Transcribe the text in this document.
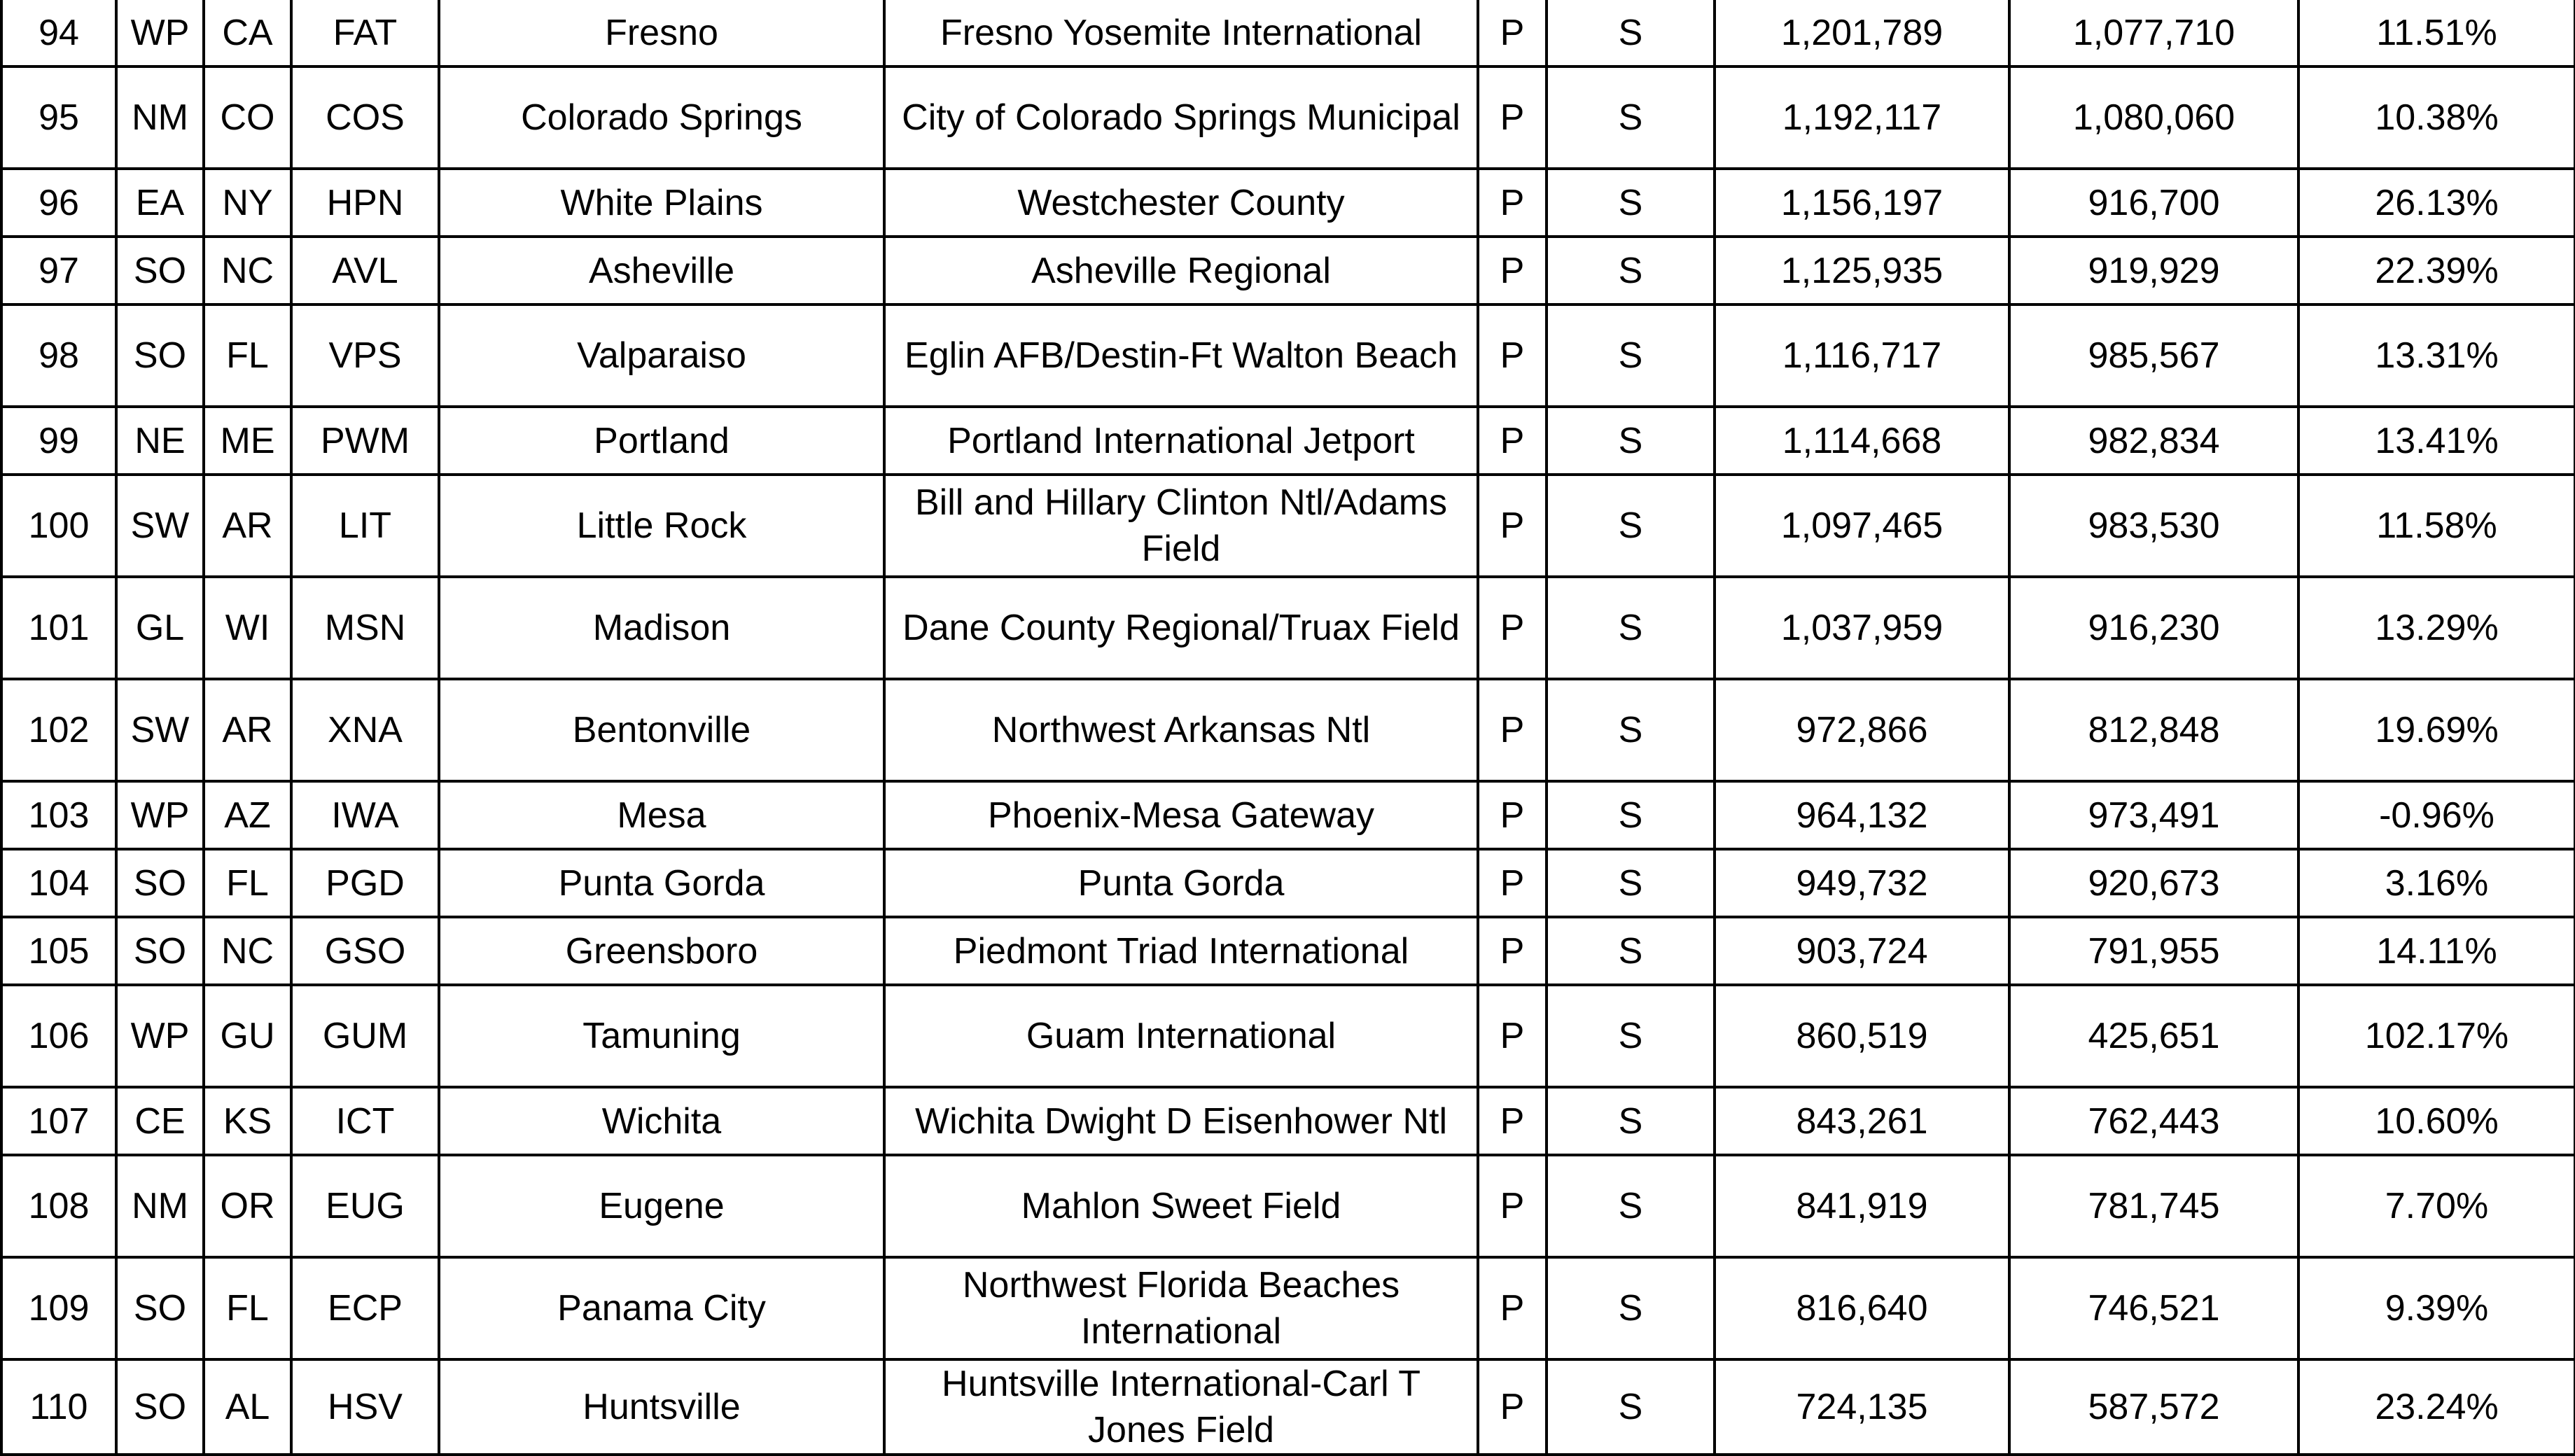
94	WP	CA	FAT	Fresno	Fresno Yosemite International	P	S	1,201,789	1,077,710	11.51%
95	NM	CO	COS	Colorado Springs	City of Colorado Springs Municipal	P	S	1,192,117	1,080,060	10.38%
96	EA	NY	HPN	White Plains	Westchester County	P	S	1,156,197	916,700	26.13%
97	SO	NC	AVL	Asheville	Asheville Regional	P	S	1,125,935	919,929	22.39%
98	SO	FL	VPS	Valparaiso	Eglin AFB/Destin-Ft Walton Beach	P	S	1,116,717	985,567	13.31%
99	NE	ME	PWM	Portland	Portland International Jetport	P	S	1,114,668	982,834	13.41%
100	SW	AR	LIT	Little Rock	Bill and Hillary Clinton Ntl/Adams Field	P	S	1,097,465	983,530	11.58%
101	GL	WI	MSN	Madison	Dane County Regional/Truax Field	P	S	1,037,959	916,230	13.29%
102	SW	AR	XNA	Bentonville	Northwest Arkansas Ntl	P	S	972,866	812,848	19.69%
103	WP	AZ	IWA	Mesa	Phoenix-Mesa Gateway	P	S	964,132	973,491	-0.96%
104	SO	FL	PGD	Punta Gorda	Punta Gorda	P	S	949,732	920,673	3.16%
105	SO	NC	GSO	Greensboro	Piedmont Triad International	P	S	903,724	791,955	14.11%
106	WP	GU	GUM	Tamuning	Guam International	P	S	860,519	425,651	102.17%
107	CE	KS	ICT	Wichita	Wichita Dwight D Eisenhower Ntl	P	S	843,261	762,443	10.60%
108	NM	OR	EUG	Eugene	Mahlon Sweet Field	P	S	841,919	781,745	7.70%
109	SO	FL	ECP	Panama City	Northwest Florida Beaches International	P	S	816,640	746,521	9.39%
110	SO	AL	HSV	Huntsville	Huntsville International-Carl T Jones Field	P	S	724,135	587,572	23.24%
